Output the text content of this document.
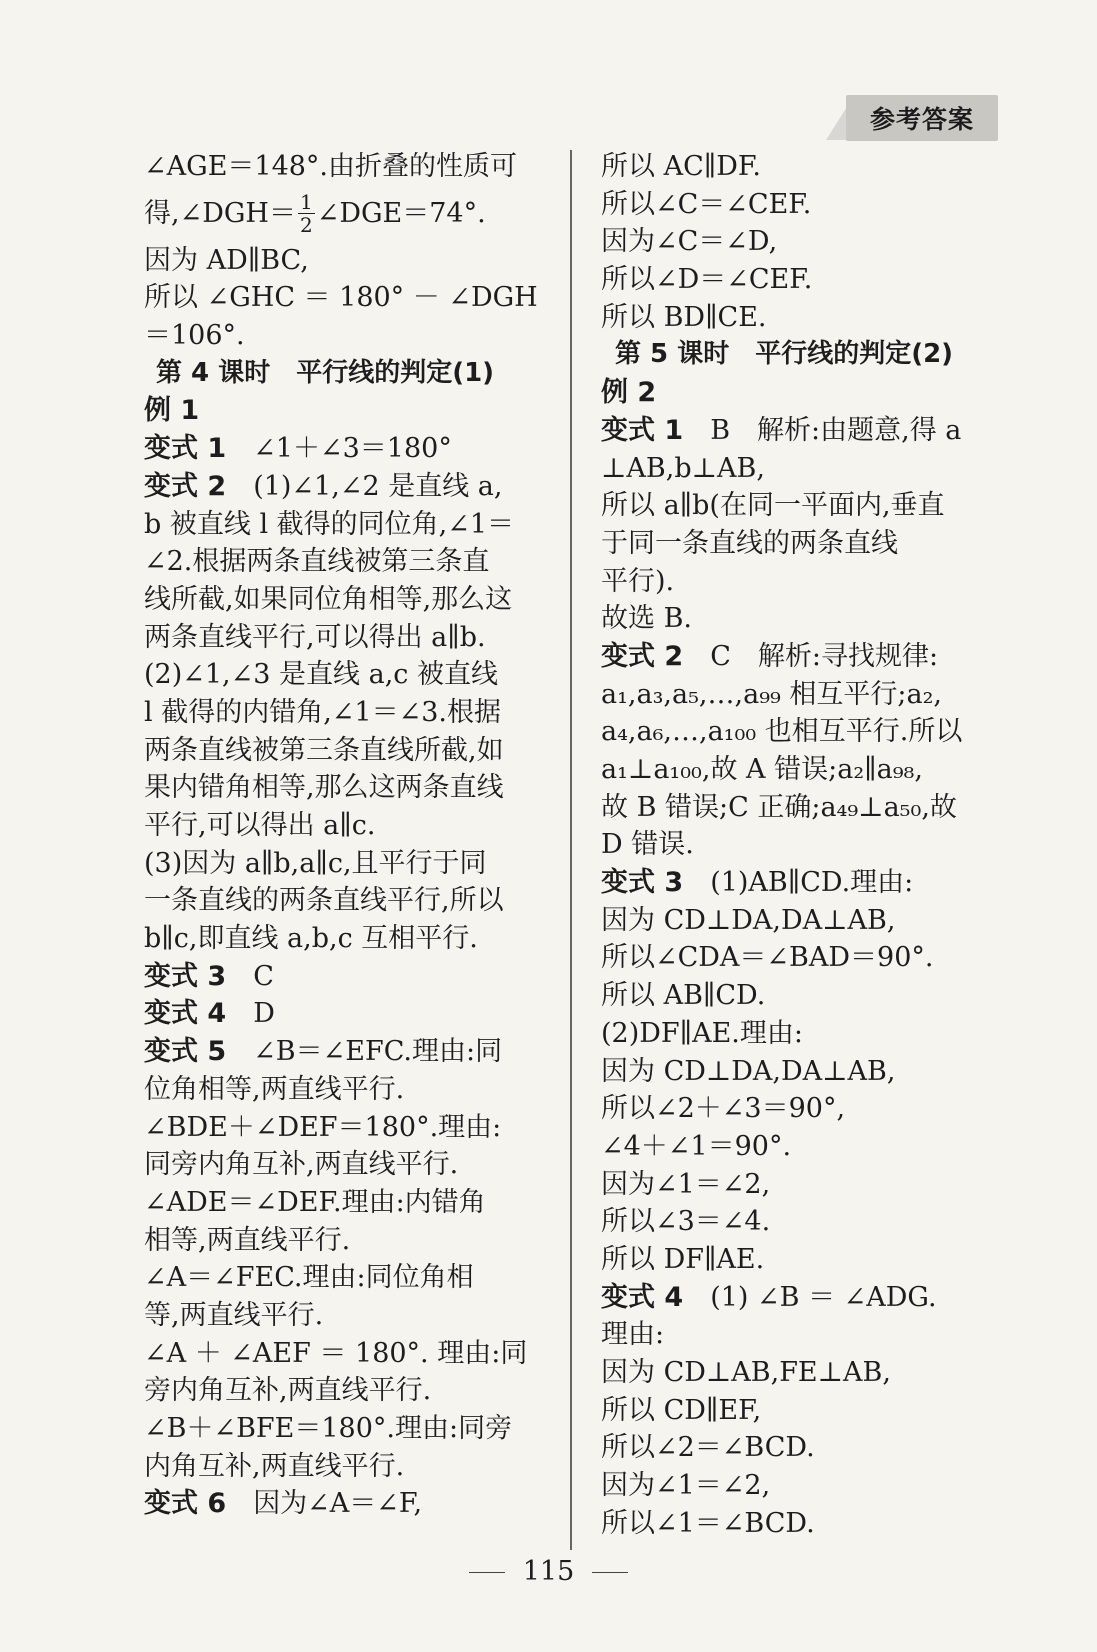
参考答案
∠AGE＝148°.由折叠的性质可
得,∠DGH＝ $\frac{1}{2}$ ∠DGE＝74°.
因为 AD∥BC,
所以 ∠GHC ＝ 180° － ∠DGH
＝106°.
第 4 课时　平行线的判定(1)
例 1
变式 1　 ∠1＋∠3＝180°
变式 2　 (1)∠1,∠2 是直线 a,
b 被直线 l 截得的同位角,∠1＝
∠2.根据两条直线被第三条直
线所截,如果同位角相等,那么这
两条直线平行,可以得出 a∥b.
(2)∠1,∠3 是直线 a,c 被直线
l 截得的内错角,∠1＝∠3.根据
两条直线被第三条直线所截,如
果内错角相等,那么这两条直线
平行,可以得出 a∥c.
(3)因为 a∥b,a∥c,且平行于同
一条直线的两条直线平行,所以
b∥c,即直线 a,b,c 互相平行.
变式 3　 C
变式 4　 D
变式 5　 ∠B＝∠EFC.理由:同
位角相等,两直线平行.
∠BDE＋∠DEF＝180°.理由:
同旁内角互补,两直线平行.
∠ADE＝∠DEF.理由:内错角
相等,两直线平行.
∠A＝∠FEC.理由:同位角相
等,两直线平行.
∠A ＋ ∠AEF ＝ 180°. 理由:同
旁内角互补,两直线平行.
∠B＋∠BFE＝180°.理由:同旁
内角互补,两直线平行.
变式 6　 因为∠A＝∠F,
所以 AC∥DF.
所以∠C＝∠CEF.
因为∠C＝∠D,
所以∠D＝∠CEF.
所以 BD∥CE.
第 5 课时　平行线的判定(2)
例 2
变式 1　 B　解析:由题意,得 a
⊥AB,b⊥AB,
所以 a∥b(在同一平面内,垂直
于同一条直线的两条直线
平行).
故选 B.
变式 2　 C　解析:寻找规律:
a₁,a₃,a₅,…,a₉₉ 相互平行;a₂,
a₄,a₆,…,a₁₀₀ 也相互平行.所以
a₁⊥a₁₀₀,故 A 错误;a₂∥a₉₈,
故 B 错误;C 正确;a₄₉⊥a₅₀,故
D 错误.
变式 3　 (1)AB∥CD.理由:
因为 CD⊥DA,DA⊥AB,
所以∠CDA＝∠BAD＝90°.
所以 AB∥CD.
(2)DF∥AE.理由:
因为 CD⊥DA,DA⊥AB,
所以∠2＋∠3＝90°,
∠4＋∠1＝90°.
因为∠1＝∠2,
所以∠3＝∠4.
所以 DF∥AE.
变式 4　 (1) ∠B ＝ ∠ADG.
理由:
因为 CD⊥AB,FE⊥AB,
所以 CD∥EF,
所以∠2＝∠BCD.
因为∠1＝∠2,
所以∠1＝∠BCD.
115
